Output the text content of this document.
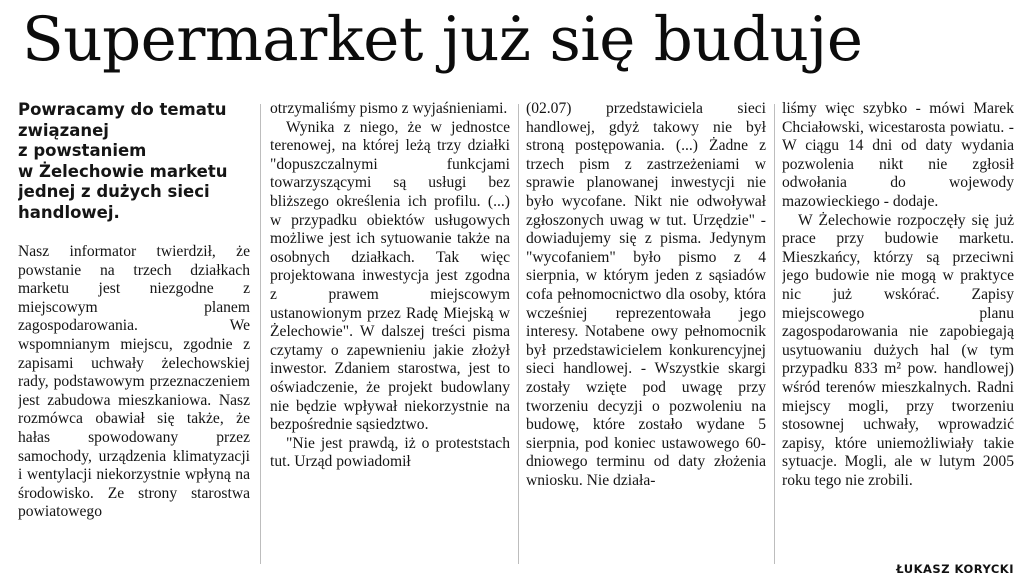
Supermarket już się buduje
Powracamy do tematu
związanej
z powstaniem
w Żelechowie marketu
jednej z dużych sieci
handlowej.

Nasz informator twierdził, że powstanie na trzech działkach marketu jest niezgodne z miejscowym planem zagospodarowania. We wspomnianym miejscu, zgodnie z zapisami uchwały żelechowskiej rady, podstawowym przeznaczeniem jest zabudowa mieszkaniowa. Nasz rozmówca obawiał się także, że hałas spowodowany przez samochody, urządzenia klimatyzacji i wentylacji niekorzystnie wpłyną na środowisko. Ze strony starostwa powiatowego

otrzymaliśmy pismo z wyjaśnieniami.

Wynika z niego, że w jednostce terenowej, na której leżą trzy działki "dopuszczalnymi funkcjami towarzyszącymi są usługi bez bliższego określenia ich profilu. (...) w przypadku obiektów usługowych możliwe jest ich sytuowanie także na osobnych działkach. Tak więc projektowana inwestycja jest zgodna z prawem miejscowym ustanowionym przez Radę Miejską w Żelechowie". W dalszej treści pisma czytamy o zapewnieniu jakie złożył inwestor. Zdaniem starostwa, jest to oświadczenie, że projekt budowlany nie będzie wpływał niekorzystnie na bezpośrednie sąsiedztwo.

"Nie jest prawdą, iż o proteststach tut. Urząd powiadomił

(02.07) przedstawiciela sieci handlowej, gdyż takowy nie był stroną postępowania. (...) Żadne z trzech pism z zastrzeżeniami w sprawie planowanej inwestycji nie było wycofane. Nikt nie odwoływał zgłoszonych uwag w tut. Urzędzie" - dowiadujemy się z pisma. Jedynym "wycofaniem" było pismo z 4 sierpnia, w którym jeden z sąsiadów cofa pełnomocnictwo dla osoby, która wcześniej reprezentowała jego interesy. Notabene owy pełnomocnik był przedstawicielem konkurencyjnej sieci handlowej. - Wszystkie skargi zostały wzięte pod uwagę przy tworzeniu decyzji o pozwoleniu na budowę, które zostało wydane 5 sierpnia, pod koniec ustawowego 60-dniowego terminu od daty złożenia wniosku. Nie działa-

liśmy więc szybko - mówi Marek Chciałowski, wicestarosta powiatu. - W ciągu 14 dni od daty wydania pozwolenia nikt nie zgłosił odwołania do wojewody mazowieckiego - dodaje.

W Żelechowie rozpoczęły się już prace przy budowie marketu. Mieszkańcy, którzy są przeciwni jego budowie nie mogą w praktyce nic już wskórać. Zapisy miejscowego planu zagospodarowania nie zapobiegają usytuowaniu dużych hal (w tym przypadku 833 m² pow. handlowej) wśród terenów mieszkalnych. Radni miejscy mogli, przy tworzeniu stosownej uchwały, wprowadzić zapisy, które uniemożliwiały takie sytuacje. Mogli, ale w lutym 2005 roku tego nie zrobili.

ŁUKASZ KORYCKI
